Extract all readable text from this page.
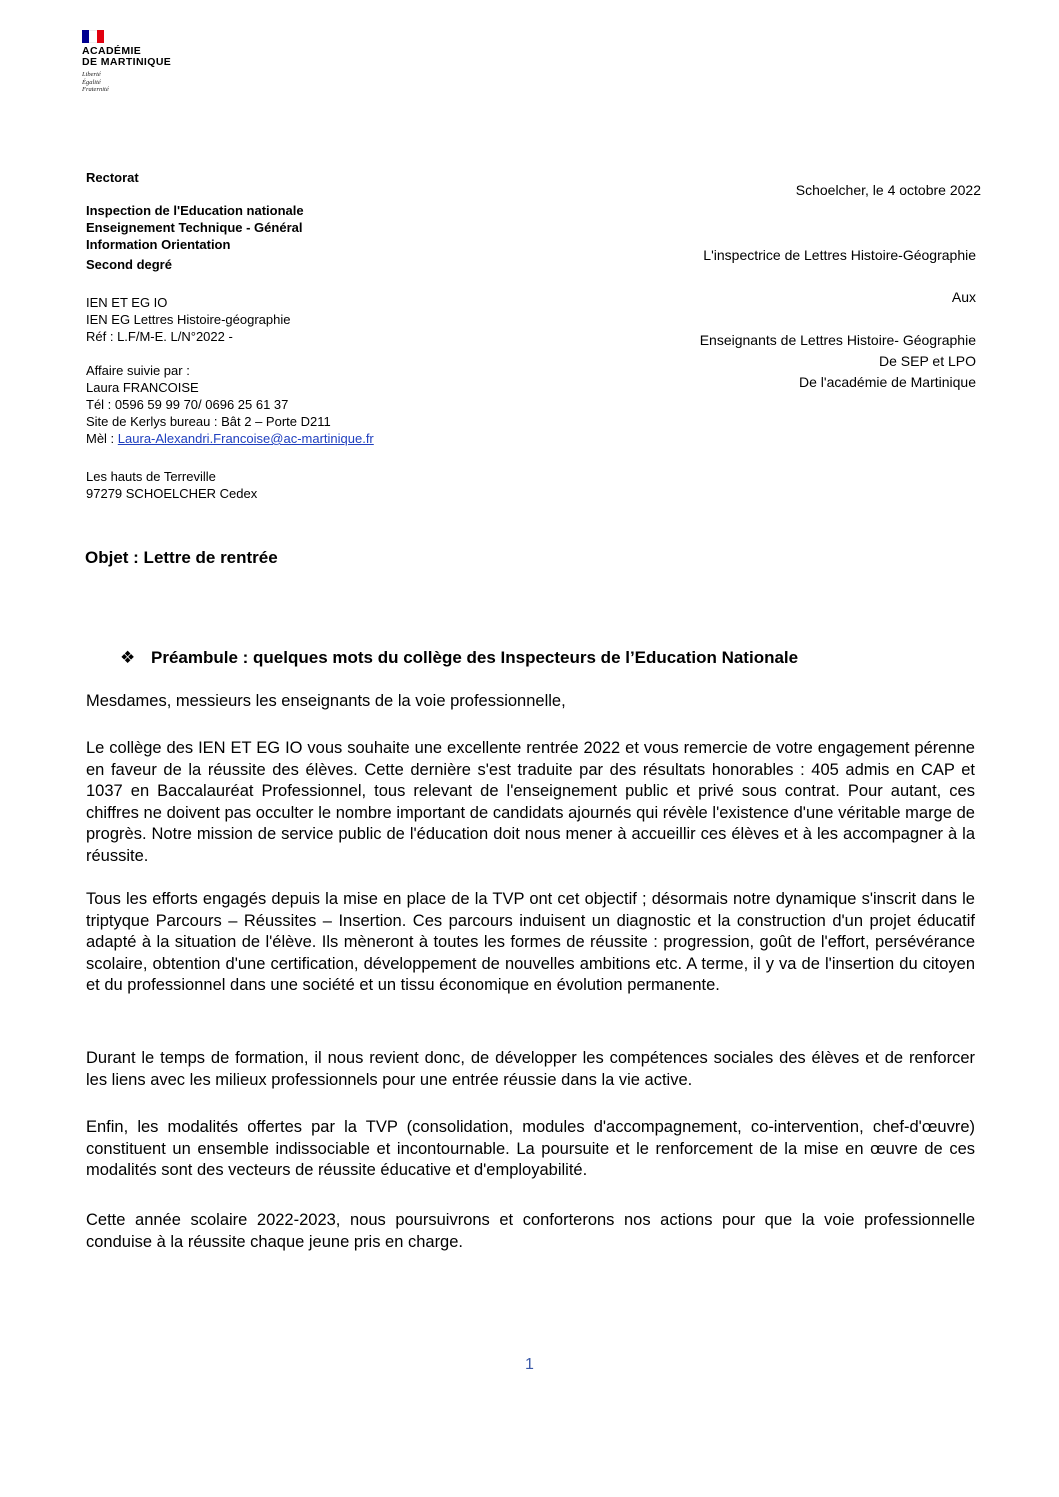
ACADÉMIE
DE MARTINIQUE
Liberté
Égalité
Fraternité
Rectorat
Inspection de l'Education nationale
Enseignement Technique - Général
Information Orientation
Second degré
IEN ET EG IO
IEN EG Lettres Histoire-géographie
Réf : L.F/M-E. L/N°2022 -
Affaire suivie par :
Laura FRANCOISE
Tél : 0596 59 99 70/ 0696 25 61 37
Site de Kerlys bureau : Bât 2 – Porte D211
Mèl : Laura-Alexandri.Francoise@ac-martinique.fr
Les hauts de Terreville
97279 SCHOELCHER Cedex
Schoelcher, le 4 octobre 2022
L'inspectrice de Lettres Histoire-Géographie
Aux
Enseignants de Lettres Histoire- Géographie
De SEP et LPO
De l'académie de Martinique
Objet : Lettre de rentrée
❖ Préambule : quelques mots du collège des Inspecteurs de l’Education Nationale

Mesdames, messieurs les enseignants de la voie professionnelle,

Le collège des IEN ET EG IO vous souhaite une excellente rentrée 2022 et vous remercie de votre engagement pérenne en faveur de la réussite des élèves. Cette dernière s'est traduite par des résultats honorables : 405 admis en CAP et 1037 en Baccalauréat Professionnel, tous relevant de l'enseignement public et privé sous contrat. Pour autant, ces chiffres ne doivent pas occulter le nombre important de candidats ajournés qui révèle l'existence d'une véritable marge de progrès. Notre mission de service public de l'éducation doit nous mener à accueillir ces élèves et à les accompagner à la réussite.

Tous les efforts engagés depuis la mise en place de la TVP ont cet objectif ; désormais notre dynamique s'inscrit dans le triptyque Parcours – Réussites – Insertion. Ces parcours induisent un diagnostic et la construction d'un projet éducatif adapté à la situation de l'élève. Ils mèneront à toutes les formes de réussite : progression, goût de l'effort, persévérance scolaire, obtention d'une certification, développement de nouvelles ambitions etc. A terme, il y va de l'insertion du citoyen et du professionnel dans une société et un tissu économique en évolution permanente.

Durant le temps de formation, il nous revient donc, de développer les compétences sociales des élèves et de renforcer les liens avec les milieux professionnels pour une entrée réussie dans la vie active.

Enfin, les modalités offertes par la TVP (consolidation, modules d'accompagnement, co-intervention, chef-d'œuvre) constituent un ensemble indissociable et incontournable. La poursuite et le renforcement de la mise en œuvre de ces modalités sont des vecteurs de réussite éducative et d'employabilité.

Cette année scolaire 2022-2023, nous poursuivrons et conforterons nos actions pour que la voie professionnelle conduise à la réussite chaque jeune pris en charge.

1
